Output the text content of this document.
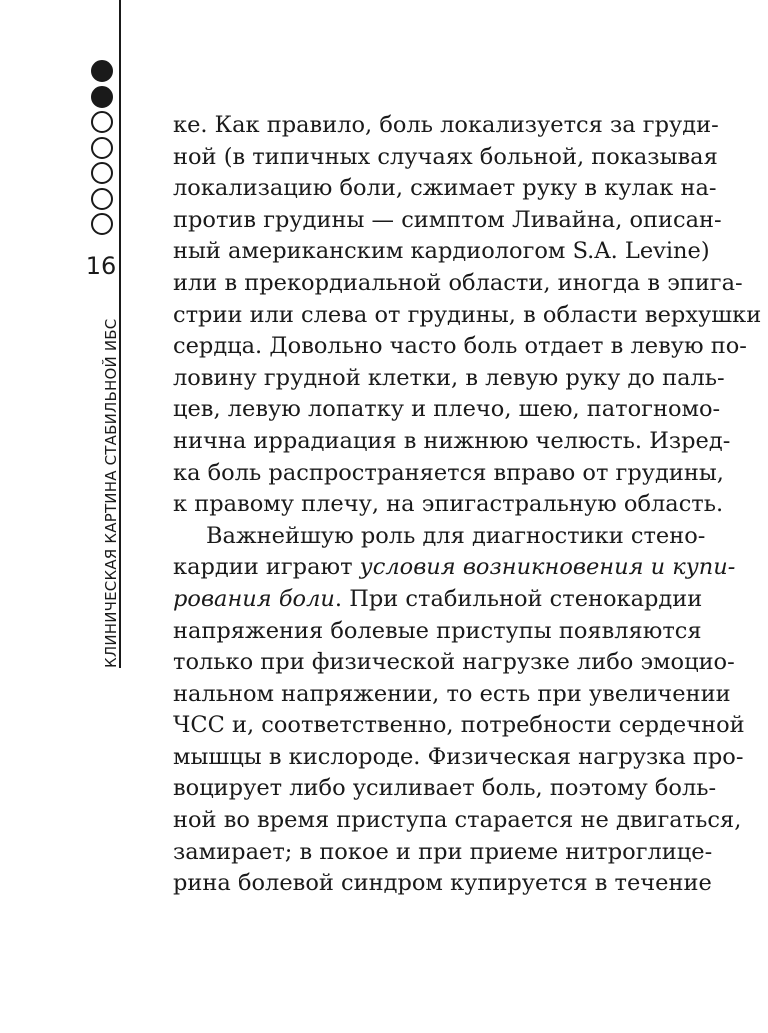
16
КЛИНИЧЕСКАЯ КАРТИНА СТАБИЛЬНОЙ ИБС
ке. Как правило, боль локализуется за груди-
ной (в типичных случаях больной, показывая
локализацию боли, сжимает руку в кулак на-
против грудины — симптом Ливайна, описан-
ный американским кардиологом S.A. Levine)
или в прекордиальной области, иногда в эпига-
стрии или слева от грудины, в области верхушки
сердца. Довольно часто боль отдает в левую по-
ловину грудной клетки, в левую руку до паль-
цев, левую лопатку и плечо, шею, патогномо-
нична иррадиация в нижнюю челюсть. Изред-
ка боль распространяется вправо от грудины,
к правому плечу, на эпигастральную область.
Важнейшую роль для диагностики стено-
кардии играют условия возникновения и купи-
рования боли. При стабильной стенокардии
напряжения болевые приступы появляются
только при физической нагрузке либо эмоцио-
нальном напряжении, то есть при увеличении
ЧСС и, соответственно, потребности сердечной
мышцы в кислороде. Физическая нагрузка про-
воцирует либо усиливает боль, поэтому боль-
ной во время приступа старается не двигаться,
замирает; в покое и при приеме нитроглице-
рина болевой синдром купируется в течение
